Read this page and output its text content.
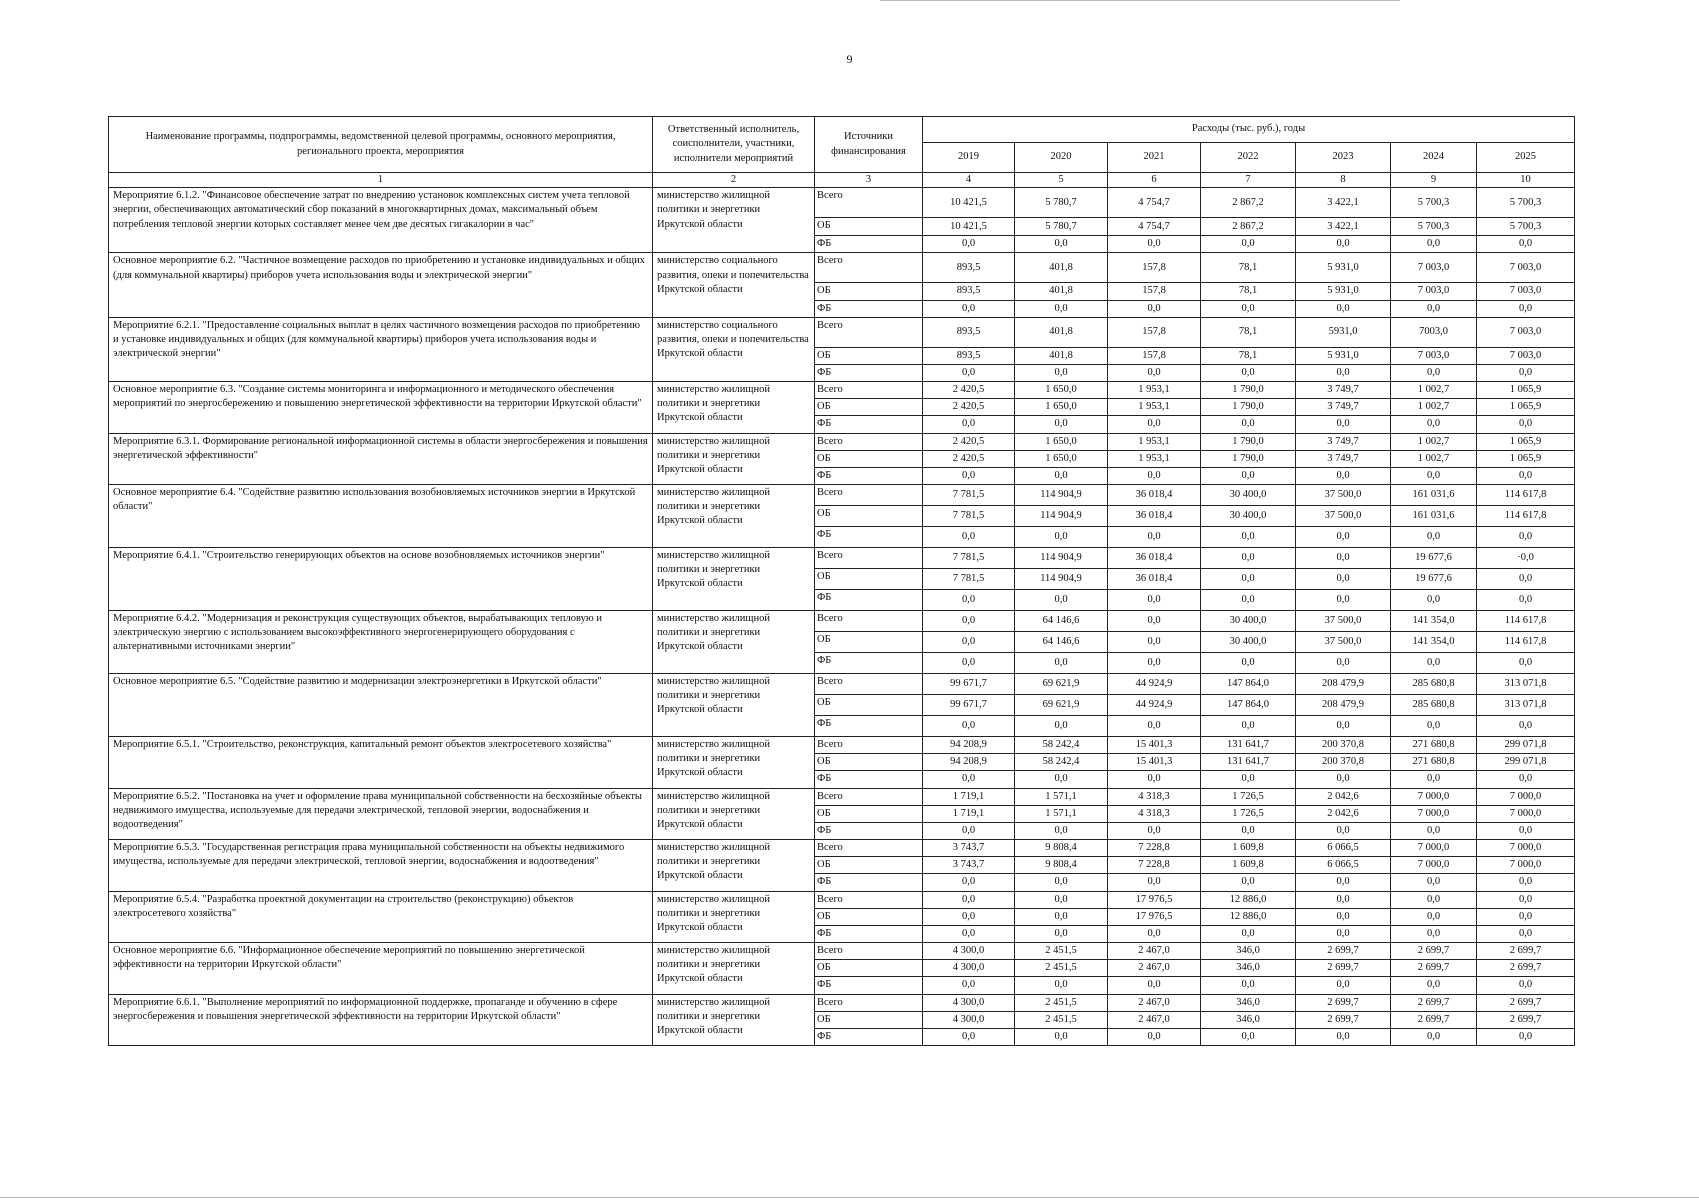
9
Наименование программы, подпрограммы, ведомственной целевой программы, основного мероприятия, регионального проекта, мероприятия	Ответственный исполнитель, соисполнители, участники, исполнители мероприятий	Источники финансирования	Расходы (тыс. руб.), годы						
			2019	2020	2021	2022	2023	2024	2025
1	2	3	4	5	6	7	8	9	10
Мероприятие 6.1.2. "Финансовое обеспечение затрат по внедрению установок комплексных систем учета тепловой энергии, обеспечивающих автоматический сбор показаний в многоквартирных домах, максимальный объем потребления тепловой энергии которых составляет менее чем две десятых гигакалории в час"	министерство жилищной политики и энергетики Иркутской области	Всего	10 421,5	5 780,7	4 754,7	2 867,2	3 422,1	5 700,3	5 700,3
		ОБ	10 421,5	5 780,7	4 754,7	2 867,2	3 422,1	5 700,3	5 700,3
		ФБ	0,0	0,0	0,0	0,0	0,0	0,0	0,0
Основное мероприятие 6.2. "Частичное возмещение расходов по приобретению и установке индивидуальных и общих (для коммунальной квартиры) приборов учета использования воды и электрической энергии"	министерство социального развития, опеки и попечительства Иркутской области	Всего	893,5	401,8	157,8	78,1	5 931,0	7 003,0	7 003,0
		ОБ	893,5	401,8	157,8	78,1	5 931,0	7 003,0	7 003,0
		ФБ	0,0	0,0	0,0	0,0	0,0	0,0	0,0
Мероприятие 6.2.1. "Предоставление социальных выплат в целях частичного возмещения расходов по приобретению и установке индивидуальных и общих (для коммунальной квартиры) приборов учета использования воды и электрической энергии"	министерство социального развития, опеки и попечительства Иркутской области	Всего	893,5	401,8	157,8	78,1	5931,0	7003,0	7 003,0
		ОБ	893,5	401,8	157,8	78,1	5 931,0	7 003,0	7 003,0
		ФБ	0,0	0,0	0,0	0,0	0,0	0,0	0,0
Основное мероприятие 6.3. "Создание системы мониторинга и информационного и методического обеспечения мероприятий по энергосбережению и повышению энергетической эффективности на территории Иркутской области"	министерство жилищной политики и энергетики Иркутской области	Всего	2 420,5	1 650,0	1 953,1	1 790,0	3 749,7	1 002,7	1 065,9
		ОБ	2 420,5	1 650,0	1 953,1	1 790,0	3 749,7	1 002,7	1 065,9
		ФБ	0,0	0,0	0,0	0,0	0,0	0,0	0,0
Мероприятие 6.3.1. Формирование региональной информационной системы в области энергосбережения и повышения энергетической эффективности"	министерство жилищной политики и энергетики Иркутской области	Всего	2 420,5	1 650,0	1 953,1	1 790,0	3 749,7	1 002,7	1 065,9
		ОБ	2 420,5	1 650,0	1 953,1	1 790,0	3 749,7	1 002,7	1 065,9
		ФБ	0,0	0,0	0,0	0,0	0,0	0,0	0,0
Основное мероприятие 6.4. "Содействие развитию использования возобновляемых источников энергии в Иркутской области"	министерство жилищной политики и энергетики Иркутской области	Всего	7 781,5	114 904,9	36 018,4	30 400,0	37 500,0	161 031,6	114 617,8
		ОБ	7 781,5	114 904,9	36 018,4	30 400,0	37 500,0	161 031,6	114 617,8
		ФБ	0,0	0,0	0,0	0,0	0,0	0,0	0,0
Мероприятие 6.4.1. "Строительство генерирующих объектов на основе возобновляемых источников энергии"	министерство жилищной политики и энергетики Иркутской области	Всего	7 781,5	114 904,9	36 018,4	0,0	0,0	19 677,6	·0,0
		ОБ	7 781,5	114 904,9	36 018,4	0,0	0,0	19 677,6	0,0
		ФБ	0,0	0,0	0,0	0,0	0,0	0,0	0,0
Мероприятие 6.4.2. "Модернизация и реконструкция существующих объектов, вырабатывающих тепловую и электрическую энергию с использованием высокоэффективного энергогенерирующего оборудования с альтернативными источниками энергии"	министерство жилищной политики и энергетики Иркутской области	Всего	0,0	64 146,6	0,0	30 400,0	37 500,0	141 354,0	114 617,8
		ОБ	0,0	64 146,6	0,0	30 400,0	37 500,0	141 354,0	114 617,8
		ФБ	0,0	0,0	0,0	0,0	0,0	0,0	0,0
Основное мероприятие 6.5. "Содействие развитию и модернизации электроэнергетики в Иркутской области"	министерство жилищной политики и энергетики Иркутской области	Всего	99 671,7	69 621,9	44 924,9	147 864,0	208 479,9	285 680,8	313 071,8
		ОБ	99 671,7	69 621,9	44 924,9	147 864,0	208 479,9	285 680,8	313 071,8
		ФБ	0,0	0,0	0,0	0,0	0,0	0,0	0,0
Мероприятие 6.5.1. "Строительство, реконструкция, капитальный ремонт объектов электросетевого хозяйства"	министерство жилищной политики и энергетики Иркутской области	Всего	94 208,9	58 242,4	15 401,3	131 641,7	200 370,8	271 680,8	299 071,8
		ОБ	94 208,9	58 242,4	15 401,3	131 641,7	200 370,8	271 680,8	299 071,8
		ФБ	0,0	0,0	0,0	0,0	0,0	0,0	0,0
Мероприятие 6.5.2. "Постановка на учет и оформление права муниципальной собственности на бесхозяйные объекты недвижимого имущества, используемые для передачи электрической, тепловой энергии, водоснабжения и водоотведения"	министерство жилищной политики и энергетики Иркутской области	Всего	1 719,1	1 571,1	4 318,3	1 726,5	2 042,6	7 000,0	7 000,0
		ОБ	1 719,1	1 571,1	4 318,3	1 726,5	2 042,6	7 000,0	7 000,0
		ФБ	0,0	0,0	0,0	0,0	0,0	0,0	0,0
Мероприятие 6.5.3. "Государственная регистрация права муниципальной собственности на объекты недвижимого имущества, используемые для передачи электрической, тепловой энергии, водоснабжения и водоотведения"	министерство жилищной политики и энергетики Иркутской области	Всего	3 743,7	9 808,4	7 228,8	1 609,8	6 066,5	7 000,0	7 000,0
		ОБ	3 743,7	9 808,4	7 228,8	1 609,8	6 066,5	7 000,0	7 000,0
		ФБ	0,0	0,0	0,0	0,0	0,0	0,0	0,0
Мероприятие 6.5.4. "Разработка проектной документации на строительство (реконструкцию) объектов электросетевого хозяйства"	министерство жилищной политики и энергетики Иркутской области	Всего	0,0	0,0	17 976,5	12 886,0	0,0	0,0	0,0
		ОБ	0,0	0,0	17 976,5	12 886,0	0,0	0,0	0,0
		ФБ	0,0	0,0	0,0	0,0	0,0	0,0	0,0
Основное мероприятие 6.6. "Информационное обеспечение мероприятий по повышению энергетической эффективности на территории Иркутской области"	министерство жилищной политики и энергетики Иркутской области	Всего	4 300,0	2 451,5	2 467,0	346,0	2 699,7	2 699,7	2 699,7
		ОБ	4 300,0	2 451,5	2 467,0	346,0	2 699,7	2 699,7	2 699,7
		ФБ	0,0	0,0	0,0	0,0	0,0	0,0	0,0
Мероприятие 6.6.1. "Выполнение мероприятий по информационной поддержке, пропаганде и обучению в сфере энергосбережения и повышения энергетической эффективности на территории Иркутской области"	министерство жилищной политики и энергетики Иркутской области	Всего	4 300,0	2 451,5	2 467,0	346,0	2 699,7	2 699,7	2 699,7
		ОБ	4 300,0	2 451,5	2 467,0	346,0	2 699,7	2 699,7	2 699,7
		ФБ	0,0	0,0	0,0	0,0	0,0	0,0	0,0
